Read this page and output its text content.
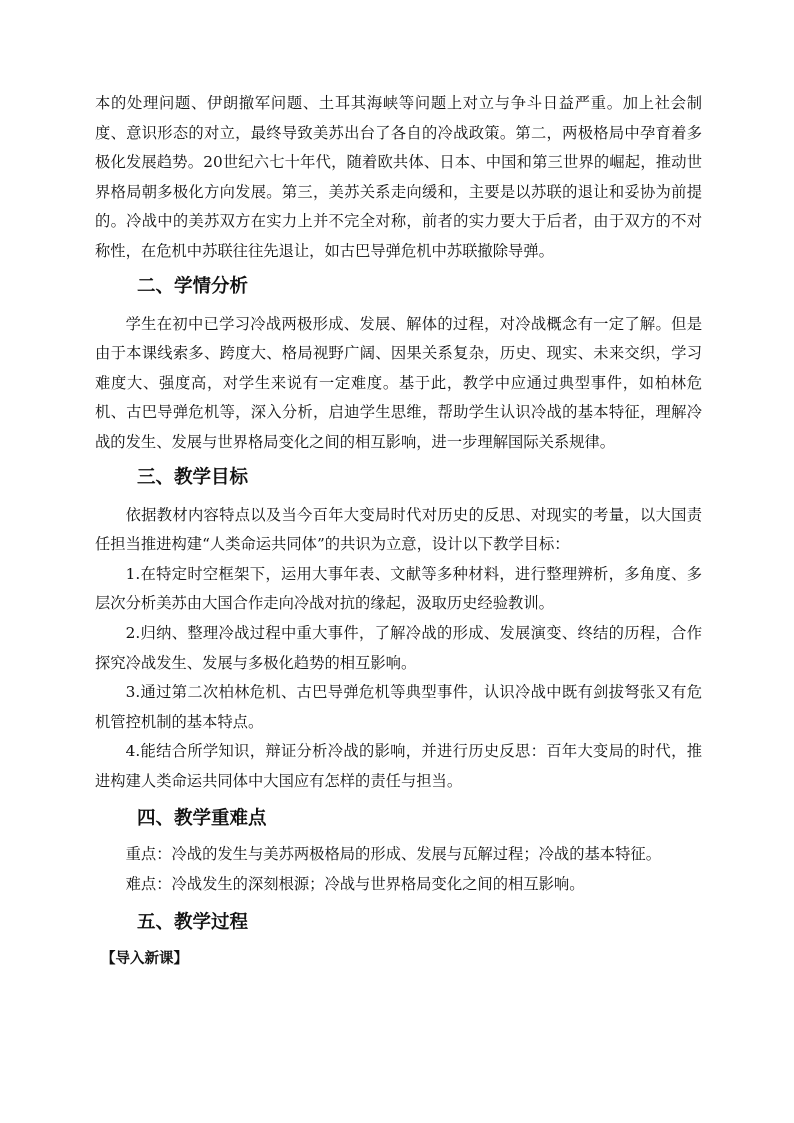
本的处理问题、伊朗撤军问题、土耳其海峡等问题上对立与争斗日益严重。加上社会制度、意识形态的对立，最终导致美苏出台了各自的冷战政策。第二，两极格局中孕育着多极化发展趋势。20世纪六七十年代，随着欧共体、日本、中国和第三世界的崛起，推动世界格局朝多极化方向发展。第三，美苏关系走向缓和，主要是以苏联的退让和妥协为前提的。冷战中的美苏双方在实力上并不完全对称，前者的实力要大于后者，由于双方的不对称性，在危机中苏联往往先退让，如古巴导弹危机中苏联撤除导弹。

二、学情分析

学生在初中已学习冷战两极形成、发展、解体的过程，对冷战概念有一定了解。但是由于本课线索多、跨度大、格局视野广阔、因果关系复杂，历史、现实、未来交织，学习难度大、强度高，对学生来说有一定难度。基于此，教学中应通过典型事件，如柏林危机、古巴导弹危机等，深入分析，启迪学生思维，帮助学生认识冷战的基本特征，理解冷战的发生、发展与世界格局变化之间的相互影响，进一步理解国际关系规律。

三、教学目标

依据教材内容特点以及当今百年大变局时代对历史的反思、对现实的考量，以大国责任担当推进构建“人类命运共同体”的共识为立意，设计以下教学目标：

1.在特定时空框架下，运用大事年表、文献等多种材料，进行整理辨析，多角度、多层次分析美苏由大国合作走向冷战对抗的缘起，汲取历史经验教训。

2.归纳、整理冷战过程中重大事件，了解冷战的形成、发展演变、终结的历程，合作探究冷战发生、发展与多极化趋势的相互影响。

3.通过第二次柏林危机、古巴导弹危机等典型事件，认识冷战中既有剑拔弩张又有危机管控机制的基本特点。

4.能结合所学知识，辩证分析冷战的影响，并进行历史反思：百年大变局的时代，推进构建人类命运共同体中大国应有怎样的责任与担当。

四、教学重难点

重点：冷战的发生与美苏两极格局的形成、发展与瓦解过程；冷战的基本特征。

难点：冷战发生的深刻根源；冷战与世界格局变化之间的相互影响。

五、教学过程

【导入新课】
